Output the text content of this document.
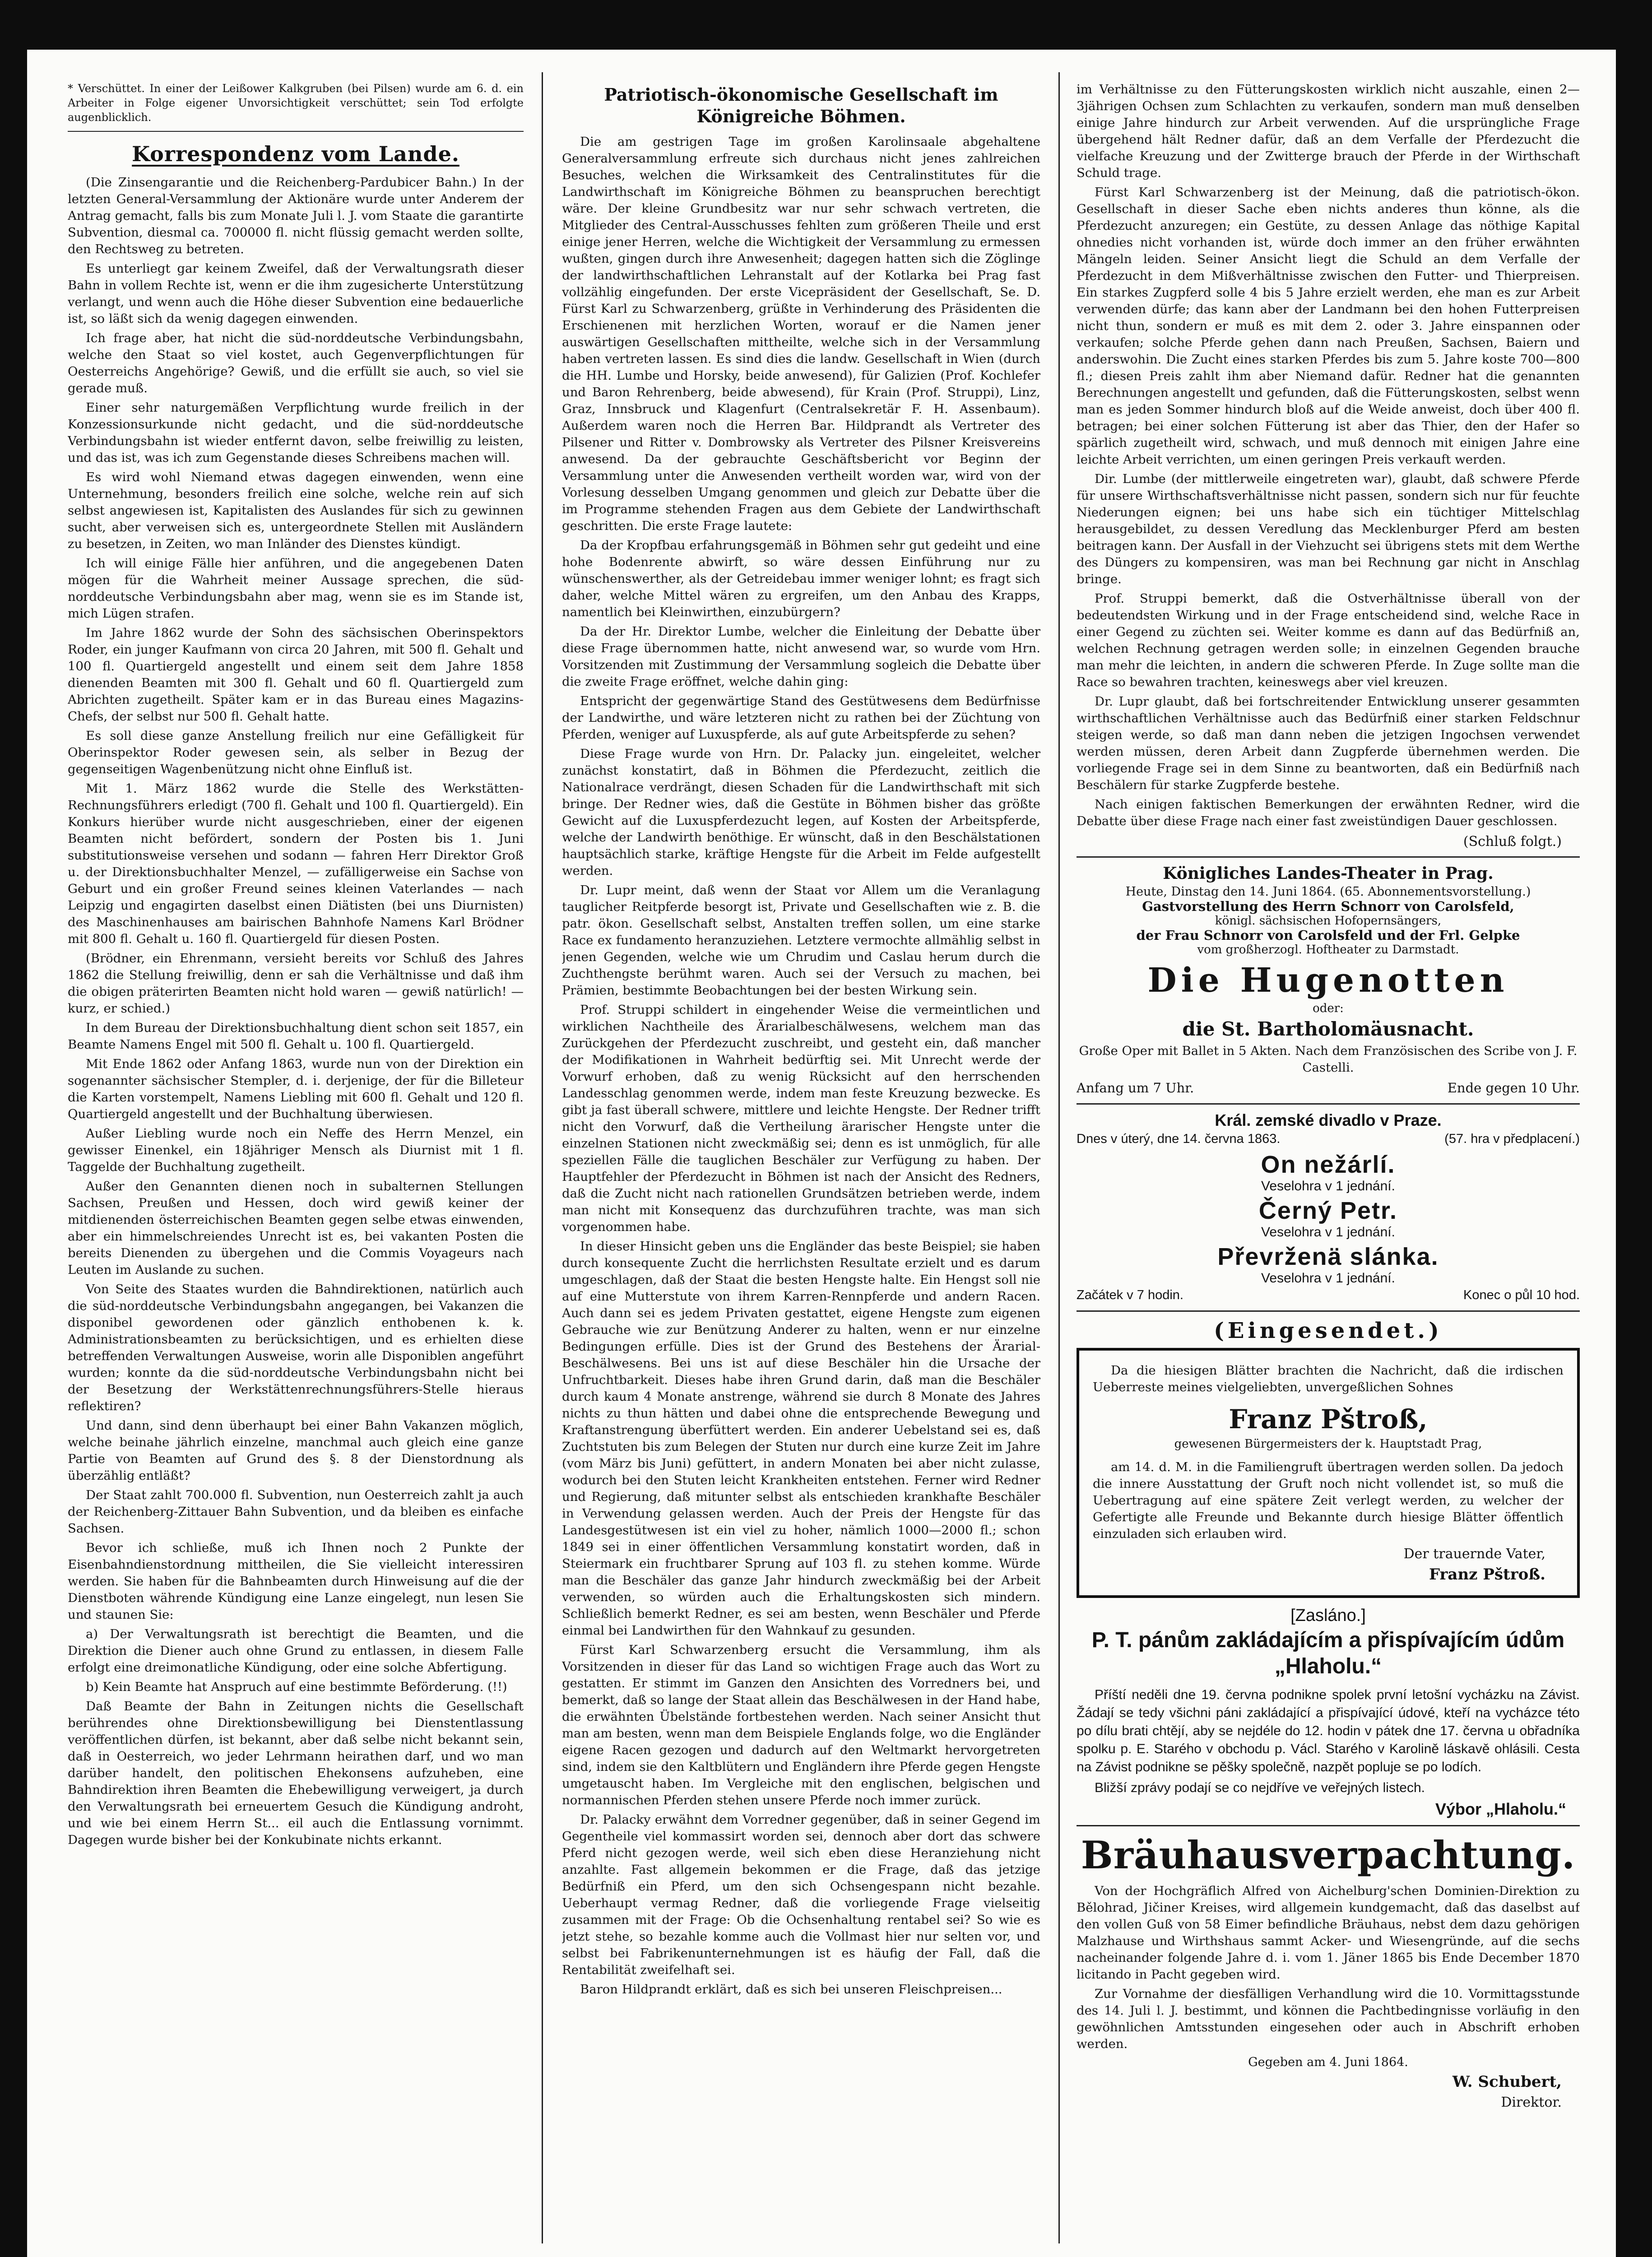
* Verschüttet. In einer der Leißower Kalkgruben (bei Pilsen) wurde am 6. d. ein Arbeiter in Folge eigener Unvorsichtigkeit verschüttet; sein Tod erfolgte augenblicklich.

Korrespondenz vom Lande.

(Die Zinsengarantie und die Reichenberg-Pardubicer Bahn.) In der letzten General-Versammlung der Aktionäre wurde unter Anderem der Antrag gemacht, falls bis zum Monate Juli l. J. vom Staate die garantirte Subvention, diesmal ca. 700000 fl. nicht flüssig gemacht werden sollte, den Rechtsweg zu betreten.

Es unterliegt gar keinem Zweifel, daß der Verwaltungsrath dieser Bahn in vollem Rechte ist, wenn er die ihm zugesicherte Unterstützung verlangt, und wenn auch die Höhe dieser Subvention eine bedauerliche ist, so läßt sich da wenig dagegen einwenden.

Ich frage aber, hat nicht die süd-norddeutsche Verbindungsbahn, welche den Staat so viel kostet, auch Gegenverpflichtungen für Oesterreichs Angehörige? Gewiß, und die erfüllt sie auch, so viel sie gerade muß.

Einer sehr naturgemäßen Verpflichtung wurde freilich in der Konzessionsurkunde nicht gedacht, und die süd-norddeutsche Verbindungsbahn ist wieder entfernt davon, selbe freiwillig zu leisten, und das ist, was ich zum Gegenstande dieses Schreibens machen will.

Es wird wohl Niemand etwas dagegen einwenden, wenn eine Unternehmung, besonders freilich eine solche, welche rein auf sich selbst angewiesen ist, Kapitalisten des Auslandes für sich zu gewinnen sucht, aber verweisen sich es, untergeordnete Stellen mit Ausländern zu besetzen, in Zeiten, wo man Inländer des Dienstes kündigt.

Ich will einige Fälle hier anführen, und die angegebenen Daten mögen für die Wahrheit meiner Aussage sprechen, die süd-norddeutsche Verbindungsbahn aber mag, wenn sie es im Stande ist, mich Lügen strafen.

Im Jahre 1862 wurde der Sohn des sächsischen Oberinspektors Roder, ein junger Kaufmann von circa 20 Jahren, mit 500 fl. Gehalt und 100 fl. Quartiergeld angestellt und einem seit dem Jahre 1858 dienenden Beamten mit 300 fl. Gehalt und 60 fl. Quartiergeld zum Abrichten zugetheilt. Später kam er in das Bureau eines Magazins-Chefs, der selbst nur 500 fl. Gehalt hatte.

Es soll diese ganze Anstellung freilich nur eine Gefälligkeit für Oberinspektor Roder gewesen sein, als selber in Bezug der gegenseitigen Wagenbenützung nicht ohne Einfluß ist.

Mit 1. März 1862 wurde die Stelle des Werkstätten-Rechnungsführers erledigt (700 fl. Gehalt und 100 fl. Quartiergeld). Ein Konkurs hierüber wurde nicht ausgeschrieben, einer der eigenen Beamten nicht befördert, sondern der Posten bis 1. Juni substitutionsweise versehen und sodann — fahren Herr Direktor Groß u. der Direktionsbuchhalter Menzel, — zufälligerweise ein Sachse von Geburt und ein großer Freund seines kleinen Vaterlandes — nach Leipzig und engagirten daselbst einen Diätisten (bei uns Diurnisten) des Maschinenhauses am bairischen Bahnhofe Namens Karl Brödner mit 800 fl. Gehalt u. 160 fl. Quartiergeld für diesen Posten.

(Brödner, ein Ehrenmann, versieht bereits vor Schluß des Jahres 1862 die Stellung freiwillig, denn er sah die Verhältnisse und daß ihm die obigen präterirten Beamten nicht hold waren — gewiß natürlich! — kurz, er schied.)

In dem Bureau der Direktionsbuchhaltung dient schon seit 1857, ein Beamte Namens Engel mit 500 fl. Gehalt u. 100 fl. Quartiergeld.

Mit Ende 1862 oder Anfang 1863, wurde nun von der Direktion ein sogenannter sächsischer Stempler, d. i. derjenige, der für die Billeteur die Karten vorstempelt, Namens Liebling mit 600 fl. Gehalt und 120 fl. Quartiergeld angestellt und der Buchhaltung überwiesen.

Außer Liebling wurde noch ein Neffe des Herrn Menzel, ein gewisser Einenkel, ein 18jähriger Mensch als Diurnist mit 1 fl. Taggelde der Buchhaltung zugetheilt.

Außer den Genannten dienen noch in subalternen Stellungen Sachsen, Preußen und Hessen, doch wird gewiß keiner der mitdienenden österreichischen Beamten gegen selbe etwas einwenden, aber ein himmelschreiendes Unrecht ist es, bei vakanten Posten die bereits Dienenden zu übergehen und die Commis Voyageurs nach Leuten im Auslande zu suchen.

Von Seite des Staates wurden die Bahndirektionen, natürlich auch die süd-norddeutsche Verbindungsbahn angegangen, bei Vakanzen die disponibel gewordenen oder gänzlich enthobenen k. k. Administrationsbeamten zu berücksichtigen, und es erhielten diese betreffenden Verwaltungen Ausweise, worin alle Disponiblen angeführt wurden; konnte da die süd-norddeutsche Verbindungsbahn nicht bei der Besetzung der Werkstättenrechnungsführers-Stelle hieraus reflektiren?

Und dann, sind denn überhaupt bei einer Bahn Vakanzen möglich, welche beinahe jährlich einzelne, manchmal auch gleich eine ganze Partie von Beamten auf Grund des §. 8 der Dienstordnung als überzählig entläßt?

Der Staat zahlt 700.000 fl. Subvention, nun Oesterreich zahlt ja auch der Reichenberg-Zittauer Bahn Subvention, und da bleiben es einfache Sachsen.

Bevor ich schließe, muß ich Ihnen noch 2 Punkte der Eisenbahndienstordnung mittheilen, die Sie vielleicht interessiren werden. Sie haben für die Bahnbeamten durch Hinweisung auf die der Dienstboten währende Kündigung eine Lanze eingelegt, nun lesen Sie und staunen Sie:

a) Der Verwaltungsrath ist berechtigt die Beamten, und die Direktion die Diener auch ohne Grund zu entlassen, in diesem Falle erfolgt eine dreimonatliche Kündigung, oder eine solche Abfertigung.

b) Kein Beamte hat Anspruch auf eine bestimmte Beförderung. (!!)

Daß Beamte der Bahn in Zeitungen nichts die Gesellschaft berührendes ohne Direktionsbewilligung bei Dienstentlassung veröffentlichen dürfen, ist bekannt, aber daß selbe nicht bekannt sein, daß in Oesterreich, wo jeder Lehrmann heirathen darf, und wo man darüber handelt, den politischen Ehekonsens aufzuheben, eine Bahndirektion ihren Beamten die Ehebewilligung verweigert, ja durch den Verwaltungsrath bei erneuertem Gesuch die Kündigung androht, und wie bei einem Herrn St... eil auch die Entlassung vornimmt. Dagegen wurde bisher bei der Konkubinate nichts erkannt.

Patriotisch-ökonomische Gesellschaft im Königreiche Böhmen.

Die am gestrigen Tage im großen Karolinsaale abgehaltene Generalversammlung erfreute sich durchaus nicht jenes zahlreichen Besuches, welchen die Wirksamkeit des Centralinstitutes für die Landwirthschaft im Königreiche Böhmen zu beanspruchen berechtigt wäre. Der kleine Grundbesitz war nur sehr schwach vertreten, die Mitglieder des Central-Ausschusses fehlten zum größeren Theile und erst einige jener Herren, welche die Wichtigkeit der Versammlung zu ermessen wußten, gingen durch ihre Anwesenheit; dagegen hatten sich die Zöglinge der landwirthschaftlichen Lehranstalt auf der Kotlarka bei Prag fast vollzählig eingefunden. Der erste Vicepräsident der Gesellschaft, Se. D. Fürst Karl zu Schwarzenberg, grüßte in Verhinderung des Präsidenten die Erschienenen mit herzlichen Worten, worauf er die Namen jener auswärtigen Gesellschaften mittheilte, welche sich in der Versammlung haben vertreten lassen. Es sind dies die landw. Gesellschaft in Wien (durch die HH. Lumbe und Horsky, beide anwesend), für Galizien (Prof. Kochlefer und Baron Rehrenberg, beide abwesend), für Krain (Prof. Struppi), Linz, Graz, Innsbruck und Klagenfurt (Centralsekretär F. H. Assenbaum). Außerdem waren noch die Herren Bar. Hildprandt als Vertreter des Pilsener und Ritter v. Dombrowsky als Vertreter des Pilsner Kreisvereins anwesend. Da der gebrauchte Geschäftsbericht vor Beginn der Versammlung unter die Anwesenden vertheilt worden war, wird von der Vorlesung desselben Umgang genommen und gleich zur Debatte über die im Programme stehenden Fragen aus dem Gebiete der Landwirthschaft geschritten. Die erste Frage lautete:

Da der Kropfbau erfahrungsgemäß in Böhmen sehr gut gedeiht und eine hohe Bodenrente abwirft, so wäre dessen Einführung nur zu wünschenswerther, als der Getreidebau immer weniger lohnt; es fragt sich daher, welche Mittel wären zu ergreifen, um den Anbau des Krapps, namentlich bei Kleinwirthen, einzubürgern?

Da der Hr. Direktor Lumbe, welcher die Einleitung der Debatte über diese Frage übernommen hatte, nicht anwesend war, so wurde vom Hrn. Vorsitzenden mit Zustimmung der Versammlung sogleich die Debatte über die zweite Frage eröffnet, welche dahin ging:

Entspricht der gegenwärtige Stand des Gestütwesens dem Bedürfnisse der Landwirthe, und wäre letzteren nicht zu rathen bei der Züchtung von Pferden, weniger auf Luxuspferde, als auf gute Arbeitspferde zu sehen?

Diese Frage wurde von Hrn. Dr. Palacky jun. eingeleitet, welcher zunächst konstatirt, daß in Böhmen die Pferdezucht, zeitlich die Nationalrace verdrängt, diesen Schaden für die Landwirthschaft mit sich bringe. Der Redner wies, daß die Gestüte in Böhmen bisher das größte Gewicht auf die Luxuspferdezucht legen, auf Kosten der Arbeitspferde, welche der Landwirth benöthige. Er wünscht, daß in den Beschälstationen hauptsächlich starke, kräftige Hengste für die Arbeit im Felde aufgestellt werden.

Dr. Lupr meint, daß wenn der Staat vor Allem um die Veranlagung tauglicher Reitpferde besorgt ist, Private und Gesellschaften wie z. B. die patr. ökon. Gesellschaft selbst, Anstalten treffen sollen, um eine starke Race ex fundamento heranzuziehen. Letztere vermochte allmählig selbst in jenen Gegenden, welche wie um Chrudim und Caslau herum durch die Zuchthengste berühmt waren. Auch sei der Versuch zu machen, bei Prämien, bestimmte Beobachtungen bei der besten Wirkung sein.

Prof. Struppi schildert in eingehender Weise die vermeintlichen und wirklichen Nachtheile des Ärarialbeschälwesens, welchem man das Zurückgehen der Pferdezucht zuschreibt, und gesteht ein, daß mancher der Modifikationen in Wahrheit bedürftig sei. Mit Unrecht werde der Vorwurf erhoben, daß zu wenig Rücksicht auf den herrschenden Landesschlag genommen werde, indem man feste Kreuzung bezwecke. Es gibt ja fast überall schwere, mittlere und leichte Hengste. Der Redner trifft nicht den Vorwurf, daß die Vertheilung ärarischer Hengste unter die einzelnen Stationen nicht zweckmäßig sei; denn es ist unmöglich, für alle speziellen Fälle die tauglichen Beschäler zur Verfügung zu haben. Der Hauptfehler der Pferdezucht in Böhmen ist nach der Ansicht des Redners, daß die Zucht nicht nach rationellen Grundsätzen betrieben werde, indem man nicht mit Konsequenz das durchzuführen trachte, was man sich vorgenommen habe.

In dieser Hinsicht geben uns die Engländer das beste Beispiel; sie haben durch konsequente Zucht die herrlichsten Resultate erzielt und es darum umgeschlagen, daß der Staat die besten Hengste halte. Ein Hengst soll nie auf eine Mutterstute von ihrem Karren-Rennpferde und andern Racen. Auch dann sei es jedem Privaten gestattet, eigene Hengste zum eigenen Gebrauche wie zur Benützung Anderer zu halten, wenn er nur einzelne Bedingungen erfülle. Dies ist der Grund des Bestehens der Ärarial-Beschälwesens. Bei uns ist auf diese Beschäler hin die Ursache der Unfruchtbarkeit. Dieses habe ihren Grund darin, daß man die Beschäler durch kaum 4 Monate anstrenge, während sie durch 8 Monate des Jahres nichts zu thun hätten und dabei ohne die entsprechende Bewegung und Kraftanstrengung überfüttert werden. Ein anderer Uebelstand sei es, daß Zuchtstuten bis zum Belegen der Stuten nur durch eine kurze Zeit im Jahre (vom März bis Juni) gefüttert, in andern Monaten bei aber nicht zulasse, wodurch bei den Stuten leicht Krankheiten entstehen. Ferner wird Redner und Regierung, daß mitunter selbst als entschieden krankhafte Beschäler in Verwendung gelassen werden. Auch der Preis der Hengste für das Landesgestütwesen ist ein viel zu hoher, nämlich 1000—2000 fl.; schon 1849 sei in einer öffentlichen Versammlung konstatirt worden, daß in Steiermark ein fruchtbarer Sprung auf 103 fl. zu stehen komme. Würde man die Beschäler das ganze Jahr hindurch zweckmäßig bei der Arbeit verwenden, so würden auch die Erhaltungskosten sich mindern. Schließlich bemerkt Redner, es sei am besten, wenn Beschäler und Pferde einmal bei Landwirthen für den Wahnkauf zu gesunden.

Fürst Karl Schwarzenberg ersucht die Versammlung, ihm als Vorsitzenden in dieser für das Land so wichtigen Frage auch das Wort zu gestatten. Er stimmt im Ganzen den Ansichten des Vorredners bei, und bemerkt, daß so lange der Staat allein das Beschälwesen in der Hand habe, die erwähnten Übelstände fortbestehen werden. Nach seiner Ansicht thut man am besten, wenn man dem Beispiele Englands folge, wo die Engländer eigene Racen gezogen und dadurch auf den Weltmarkt hervorgetreten sind, indem sie den Kaltblütern und Engländern ihre Pferde gegen Hengste umgetauscht haben. Im Vergleiche mit den englischen, belgischen und normannischen Pferden stehen unsere Pferde noch immer zurück.

Dr. Palacky erwähnt dem Vorredner gegenüber, daß in seiner Gegend im Gegentheile viel kommassirt worden sei, dennoch aber dort das schwere Pferd nicht gezogen werde, weil sich eben diese Heranziehung nicht anzahlte. Fast allgemein bekommen er die Frage, daß das jetzige Bedürfniß ein Pferd, um den sich Ochsengespann nicht bezahle. Ueberhaupt vermag Redner, daß die vorliegende Frage vielseitig zusammen mit der Frage: Ob die Ochsenhaltung rentabel sei? So wie es jetzt stehe, so bezahle komme auch die Vollmast hier nur selten vor, und selbst bei Fabrikenunternehmungen ist es häufig der Fall, daß die Rentabilität zweifelhaft sei.

Baron Hildprandt erklärt, daß es sich bei unseren Fleischpreisen...

im Verhältnisse zu den Fütterungskosten wirklich nicht auszahle, einen 2—3jährigen Ochsen zum Schlachten zu verkaufen, sondern man muß denselben einige Jahre hindurch zur Arbeit verwenden. Auf die ursprüngliche Frage übergehend hält Redner dafür, daß an dem Verfalle der Pferdezucht die vielfache Kreuzung und der Zwitterge brauch der Pferde in der Wirthschaft Schuld trage.

Fürst Karl Schwarzenberg ist der Meinung, daß die patriotisch-ökon. Gesellschaft in dieser Sache eben nichts anderes thun könne, als die Pferdezucht anzuregen; ein Gestüte, zu dessen Anlage das nöthige Kapital ohnedies nicht vorhanden ist, würde doch immer an den früher erwähnten Mängeln leiden. Seiner Ansicht liegt die Schuld an dem Verfalle der Pferdezucht in dem Mißverhältnisse zwischen den Futter- und Thierpreisen. Ein starkes Zugpferd solle 4 bis 5 Jahre erzielt werden, ehe man es zur Arbeit verwenden dürfe; das kann aber der Landmann bei den hohen Futterpreisen nicht thun, sondern er muß es mit dem 2. oder 3. Jahre einspannen oder verkaufen; solche Pferde gehen dann nach Preußen, Sachsen, Baiern und anderswohin. Die Zucht eines starken Pferdes bis zum 5. Jahre koste 700—800 fl.; diesen Preis zahlt ihm aber Niemand dafür. Redner hat die genannten Berechnungen angestellt und gefunden, daß die Fütterungskosten, selbst wenn man es jeden Sommer hindurch bloß auf die Weide anweist, doch über 400 fl. betragen; bei einer solchen Fütterung ist aber das Thier, den der Hafer so spärlich zugetheilt wird, schwach, und muß dennoch mit einigen Jahre eine leichte Arbeit verrichten, um einen geringen Preis verkauft werden.

Dir. Lumbe (der mittlerweile eingetreten war), glaubt, daß schwere Pferde für unsere Wirthschaftsverhältnisse nicht passen, sondern sich nur für feuchte Niederungen eignen; bei uns habe sich ein tüchtiger Mittelschlag herausgebildet, zu dessen Veredlung das Mecklenburger Pferd am besten beitragen kann. Der Ausfall in der Viehzucht sei übrigens stets mit dem Werthe des Düngers zu kompensiren, was man bei Rechnung gar nicht in Anschlag bringe.

Prof. Struppi bemerkt, daß die Ostverhältnisse überall von der bedeutendsten Wirkung und in der Frage entscheidend sind, welche Race in einer Gegend zu züchten sei. Weiter komme es dann auf das Bedürfniß an, welchen Rechnung getragen werden solle; in einzelnen Gegenden brauche man mehr die leichten, in andern die schweren Pferde. In Zuge sollte man die Race so bewahren trachten, keineswegs aber viel kreuzen.

Dr. Lupr glaubt, daß bei fortschreitender Entwicklung unserer gesammten wirthschaftlichen Verhältnisse auch das Bedürfniß einer starken Feldschnur steigen werde, so daß man dann neben die jetzigen Ingochsen verwendet werden müssen, deren Arbeit dann Zugpferde übernehmen werden. Die vorliegende Frage sei in dem Sinne zu beantworten, daß ein Bedürfniß nach Beschälern für starke Zugpferde bestehe.

Nach einigen faktischen Bemerkungen der erwähnten Redner, wird die Debatte über diese Frage nach einer fast zweistündigen Dauer geschlossen.

(Schluß folgt.)

Königliches Landes-Theater in Prag.
Heute, Dinstag den 14. Juni 1864. (65. Abonnementsvorstellung.)
Gastvorstellung des Herrn Schnorr von Carolsfeld,
königl. sächsischen Hofopernsängers,
der Frau Schnorr von Carolsfeld und der Frl. Gelpke
vom großherzogl. Hoftheater zu Darmstadt.
Die Hugenotten
oder:
die St. Bartholomäusnacht.

Große Oper mit Ballet in 5 Akten. Nach dem Französischen des Scribe von J. F. Castelli.

Anfang um 7 Uhr.	Ende gegen 10 Uhr.
Král. zemské divadlo v Praze.
Dnes v úterý, dne 14. června 1863.	(57. hra v předplacení.)
On nežárlí.
Veselohra v 1 jednání.
Černý Petr.
Veselohra v 1 jednání.
Převrženä slánka.
Veselohra v 1 jednání.
Začátek v 7 hodin.	Konec o půl 10 hod.
(Eingesendet.)

Da die hiesigen Blätter brachten die Nachricht, daß die irdischen Ueberreste meines vielgeliebten, unvergeßlichen Sohnes

Franz Pštroß,
gewesenen Bürgermeisters der k. Hauptstadt Prag,

am 14. d. M. in die Familiengruft übertragen werden sollen. Da jedoch die innere Ausstattung der Gruft noch nicht vollendet ist, so muß die Uebertragung auf eine spätere Zeit verlegt werden, zu welcher der Gefertigte alle Freunde und Bekannte durch hiesige Blätter öffentlich einzuladen sich erlauben wird.

Der trauernde Vater,
Franz Pštroß.
[Zasláno.]
P. T. pánům zakládajícím a přispívajícím údům „Hlaholu.“

Příští neděli dne 19. června podnikne spolek první letošní vycházku na Závist. Žádají se tedy všichni páni zakládající a přispívající údové, kteří na vycházce této po dílu brati chtějí, aby se nejdéle do 12. hodin v pátek dne 17. června u obřadníka spolku p. E. Starého v obchodu p. Václ. Starého v Karolině láskavě ohlásili. Cesta na Závist podnikne se pěšky společně, nazpět popluje se po lodích.

Bližší zprávy podají se co nejdříve ve veřejných listech.

Výbor „Hlaholu.“
Bräuhausverpachtung.

Von der Hochgräflich Alfred von Aichelburg'schen Dominien-Direktion zu Bělohrad, Jičiner Kreises, wird allgemein kundgemacht, daß das daselbst auf den vollen Guß von 58 Eimer befindliche Bräuhaus, nebst dem dazu gehörigen Malzhause und Wirthshaus sammt Acker- und Wiesengründe, auf die sechs nacheinander folgende Jahre d. i. vom 1. Jäner 1865 bis Ende December 1870 licitando in Pacht gegeben wird.

Zur Vornahme der diesfälligen Verhandlung wird die 10. Vormittagsstunde des 14. Juli l. J. bestimmt, und können die Pachtbedingnisse vorläufig in den gewöhnlichen Amtsstunden eingesehen oder auch in Abschrift erhoben werden.

Gegeben am 4. Juni 1864.
W. Schubert,
Direktor.
